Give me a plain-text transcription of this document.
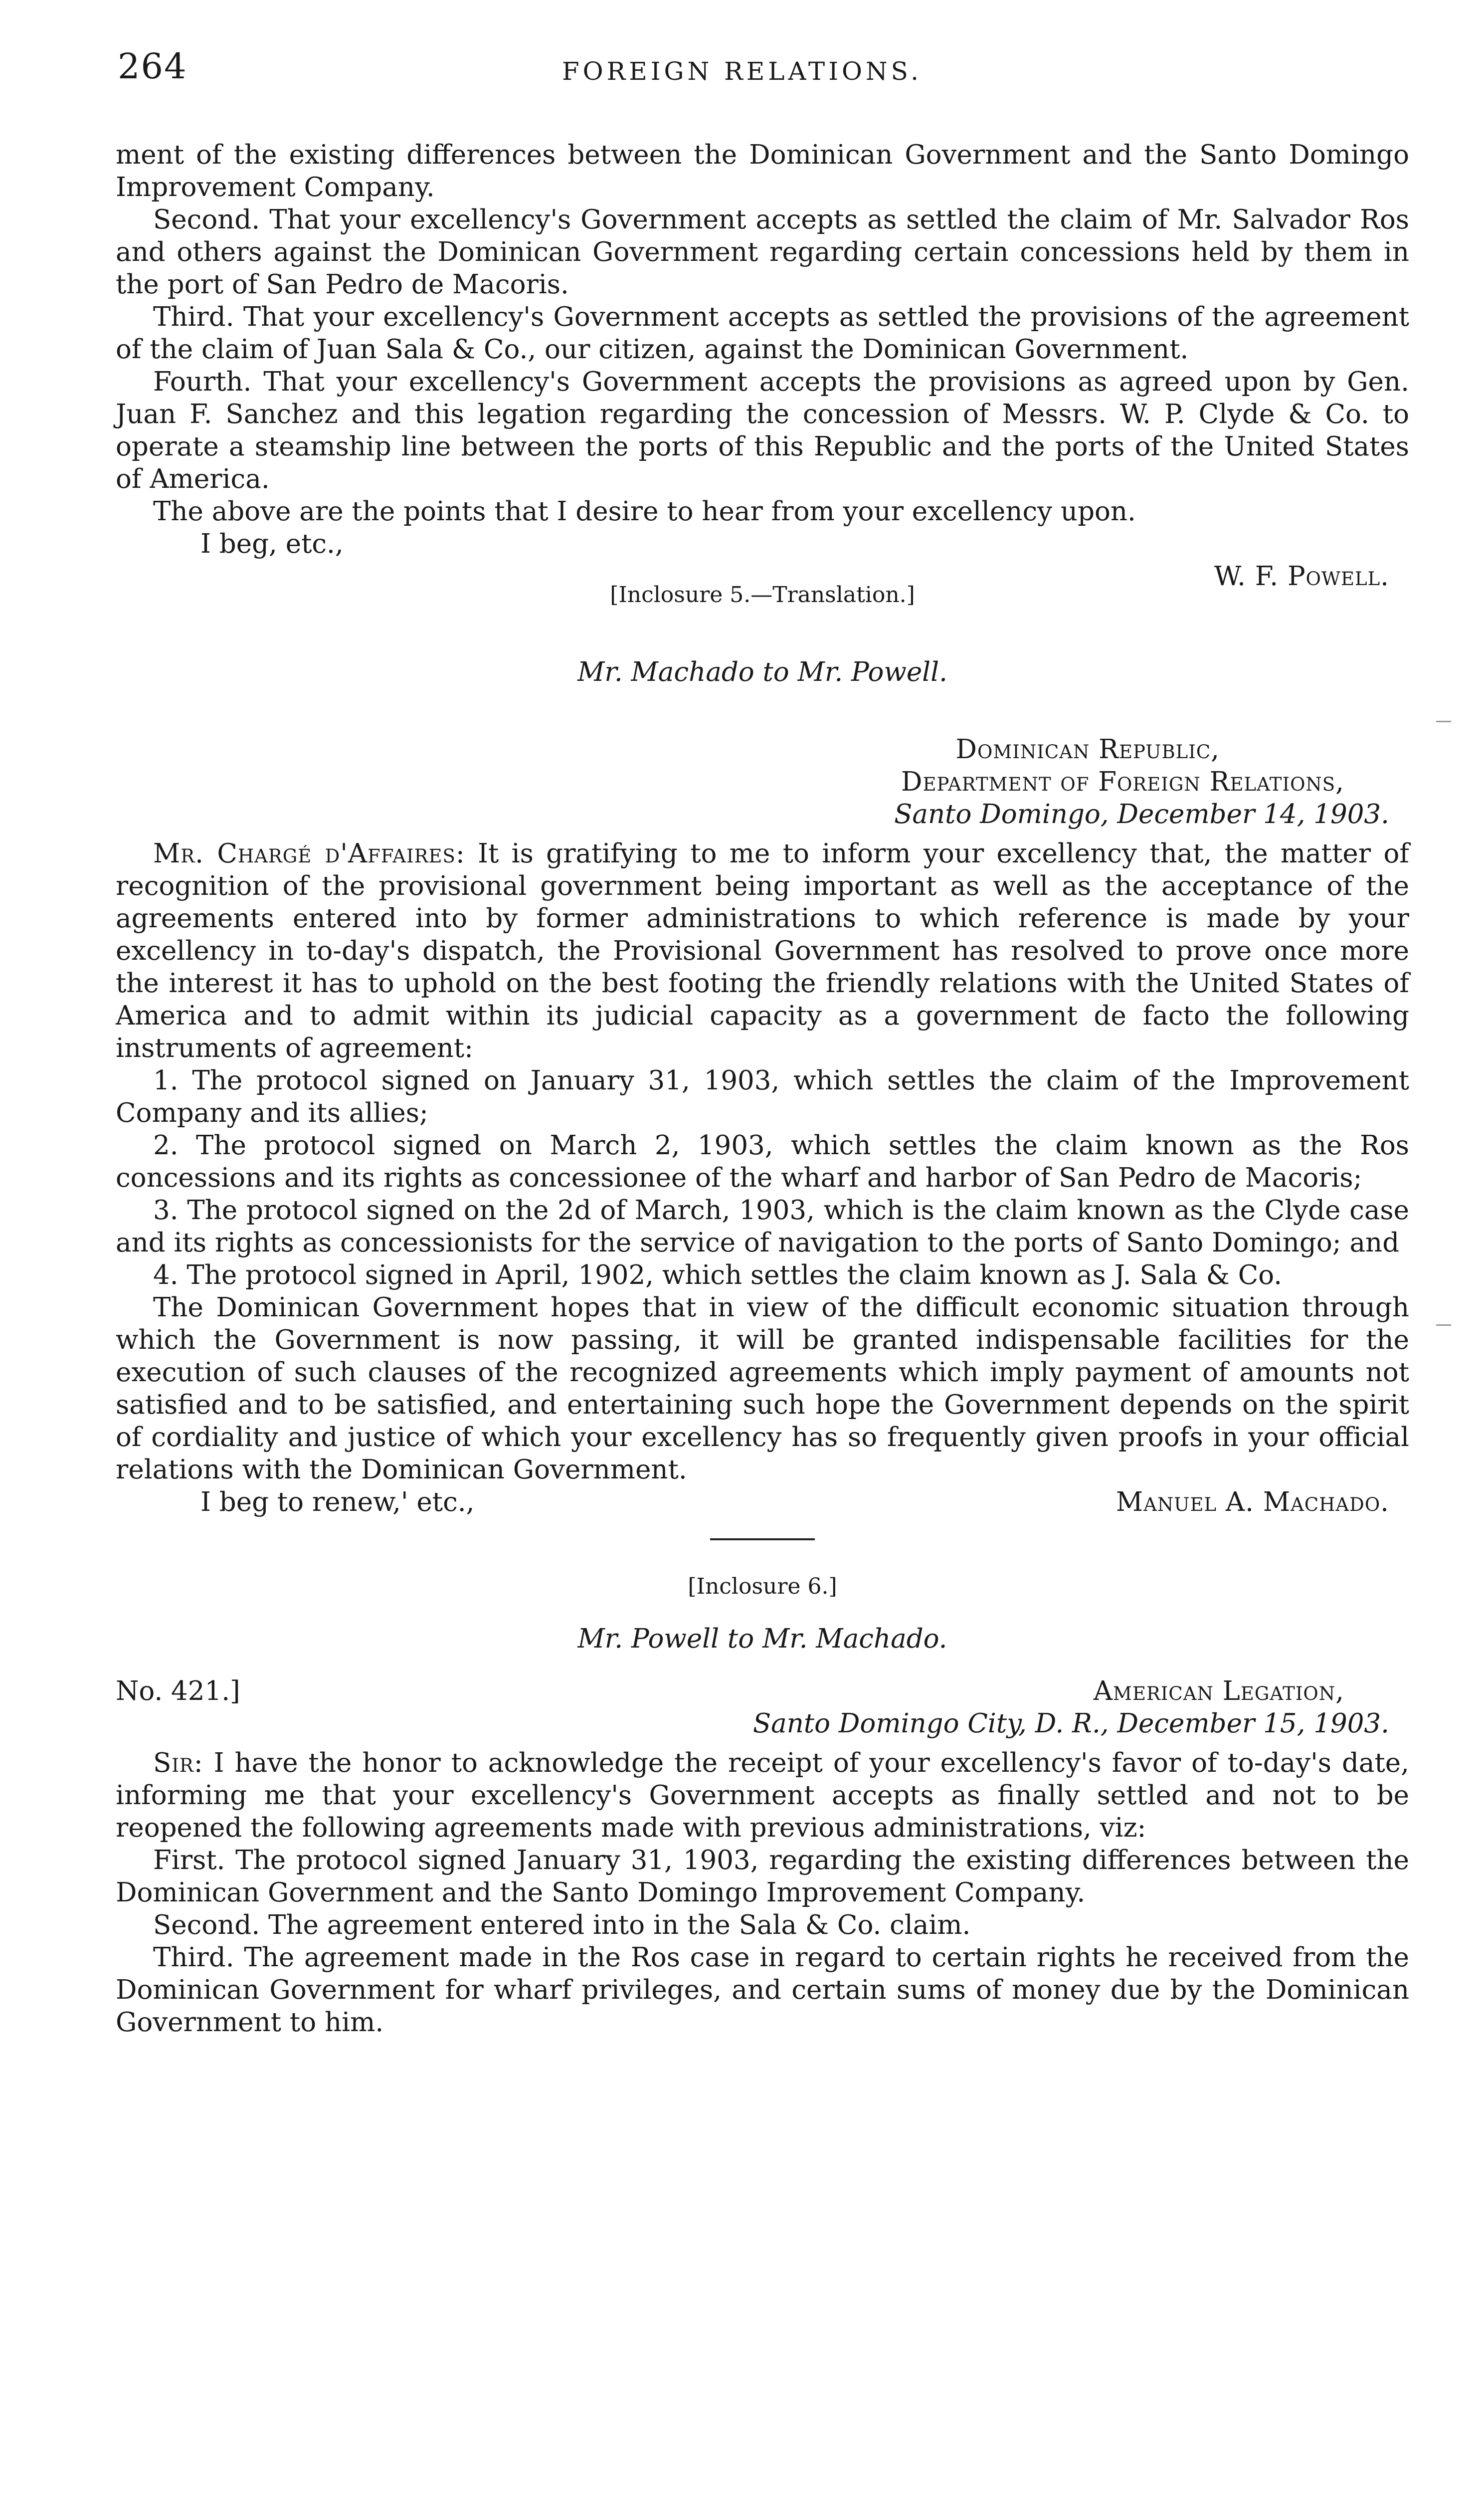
264	FOREIGN RELATIONS.

ment of the existing differences between the Dominican Government and the Santo Domingo Improvement Company.

Second. That your excellency's Government accepts as settled the claim of Mr. Salvador Ros and others against the Dominican Government regarding certain concessions held by them in the port of San Pedro de Macoris.

Third. That your excellency's Government accepts as settled the provisions of the agreement of the claim of Juan Sala & Co., our citizen, against the Dominican Government.

Fourth. That your excellency's Government accepts the provisions as agreed upon by Gen. Juan F. Sanchez and this legation regarding the concession of Messrs. W. P. Clyde & Co. to operate a steamship line between the ports of this Republic and the ports of the United States of America.

The above are the points that I desire to hear from your excellency upon.

I beg, etc.,

W. F. Powell.

[Inclosure 5.—Translation.]

Mr. Machado to Mr. Powell.

Dominican Republic,

Department of Foreign Relations,

Santo Domingo, December 14, 1903.

Mr. Chargé d'Affaires: It is gratifying to me to inform your excellency that, the matter of recognition of the provisional government being important as well as the acceptance of the agreements entered into by former administrations to which reference is made by your excellency in to-day's dispatch, the Provisional Government has resolved to prove once more the interest it has to uphold on the best footing the friendly relations with the United States of America and to admit within its judicial capacity as a government de facto the following instruments of agreement:

1. The protocol signed on January 31, 1903, which settles the claim of the Improvement Company and its allies;

2. The protocol signed on March 2, 1903, which settles the claim known as the Ros concessions and its rights as concessionee of the wharf and harbor of San Pedro de Macoris;

3. The protocol signed on the 2d of March, 1903, which is the claim known as the Clyde case and its rights as concessionists for the service of navigation to the ports of Santo Domingo; and

4. The protocol signed in April, 1902, which settles the claim known as J. Sala & Co.

The Dominican Government hopes that in view of the difficult economic situation through which the Government is now passing, it will be granted indispensable facilities for the execution of such clauses of the recognized agreements which imply payment of amounts not satisfied and to be satisfied, and entertaining such hope the Government depends on the spirit of cordiality and justice of which your excellency has so frequently given proofs in your official relations with the Dominican Government.

I beg to renew,' etc.,	Manuel A. Machado.

[Inclosure 6.]

Mr. Powell to Mr. Machado.

No. 421.]	American Legation,

Santo Domingo City, D. R., December 15, 1903.

Sir: I have the honor to acknowledge the receipt of your excellency's favor of to-day's date, informing me that your excellency's Government accepts as finally settled and not to be reopened the following agreements made with previous administrations, viz:

First. The protocol signed January 31, 1903, regarding the existing differences between the Dominican Government and the Santo Domingo Improvement Company.

Second. The agreement entered into in the Sala & Co. claim.

Third. The agreement made in the Ros case in regard to certain rights he received from the Dominican Government for wharf privileges, and certain sums of money due by the Dominican Government to him.
